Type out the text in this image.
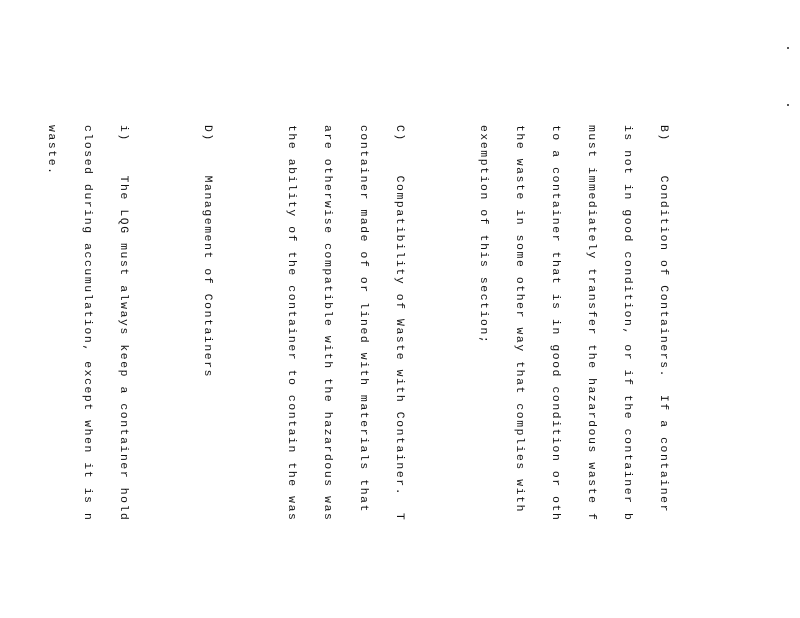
B)    Condition of Containers.  If a container

is not in good condition, or if the container b

must immediately transfer the hazardous waste f

to a container that is in good condition or oth

the waste in some other way that complies with

exemption of this section;

C)    Compatibility of Waste with Container.  T

container made of or lined with materials that

are otherwise compatible with the hazardous was

the ability of the container to contain the was

D)    Management of Containers

i)    The LQG must always keep a container hold

closed during accumulation, except when it is n

waste.
